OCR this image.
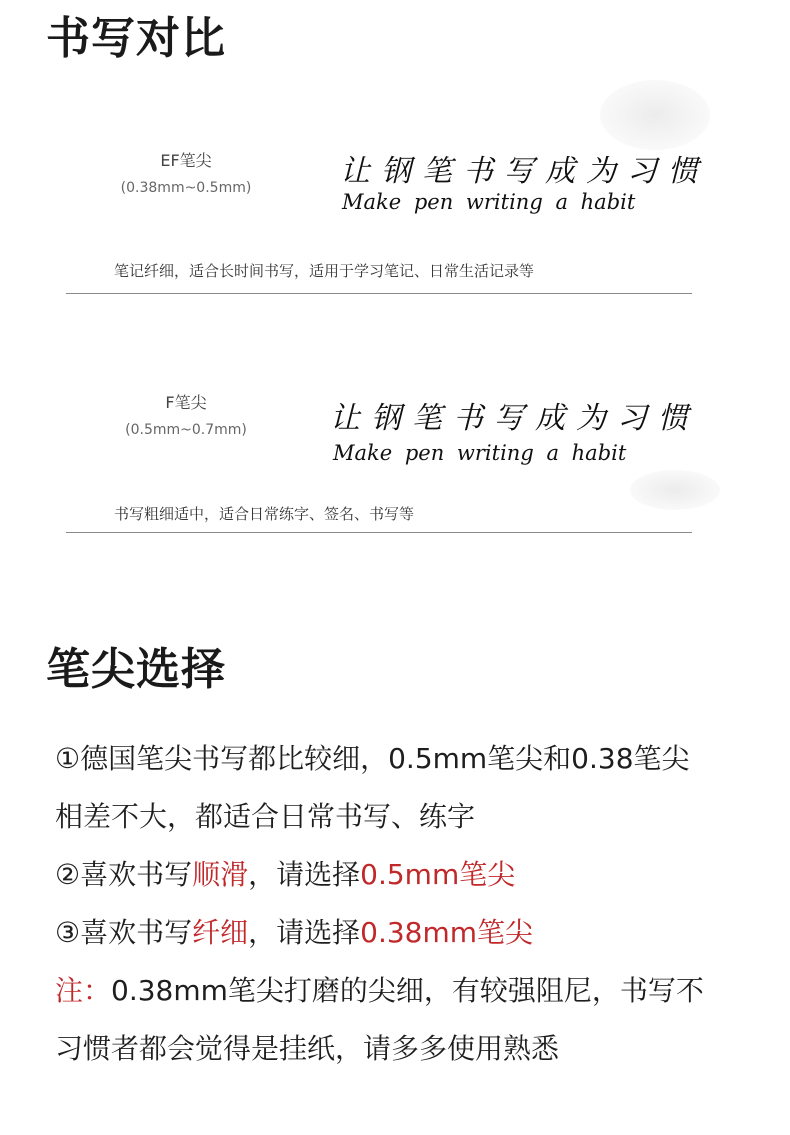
书写对比
EF笔尖
(0.38mm~0.5mm)	让钢笔书写成为习惯
Make pen writing a habit
笔记纤细，适合长时间书写，适用于学习笔记、日常生活记录等
F笔尖
(0.5mm~0.7mm)	让钢笔书写成为习惯
Make pen writing a habit
书写粗细适中，适合日常练字、签名、书写等
笔尖选择
①德国笔尖书写都比较细，0.5mm笔尖和0.38笔尖
相差不大，都适合日常书写、练字
②喜欢书写顺滑，请选择0.5mm笔尖
③喜欢书写纤细，请选择0.38mm笔尖
注：0.38mm笔尖打磨的尖细，有较强阻尼，书写不
习惯者都会觉得是挂纸，请多多使用熟悉
